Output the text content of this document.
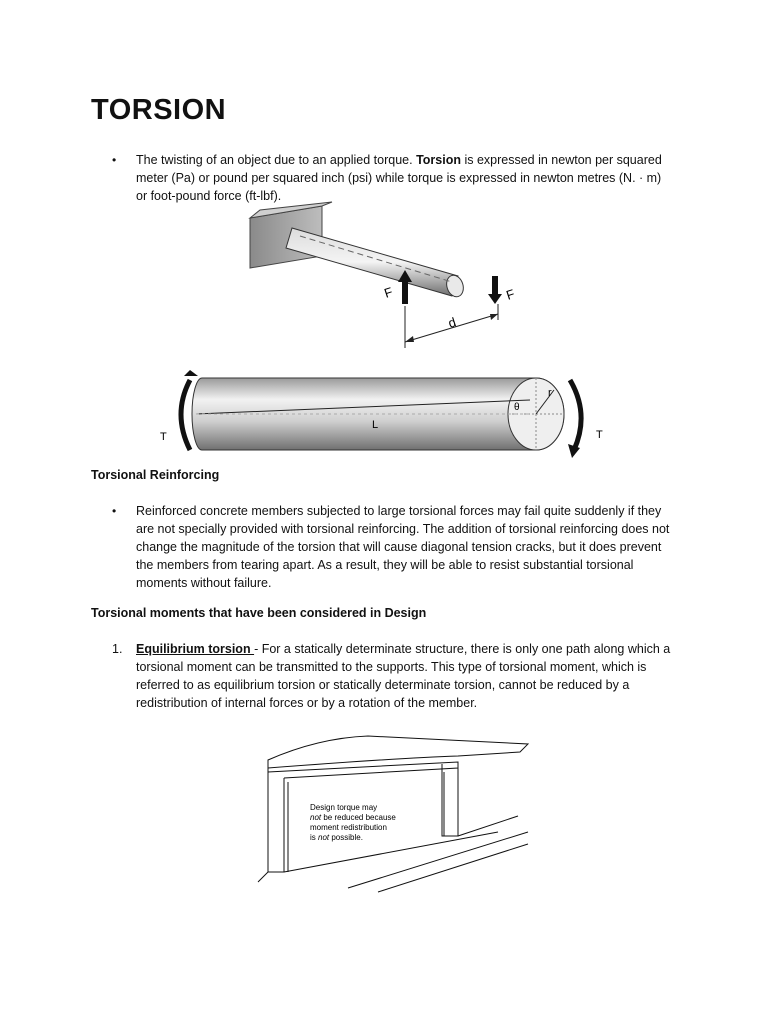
TORSION
• The twisting of an object due to an applied torque. Torsion is expressed in newton per squared meter (Pa) or pound per squared inch (psi) while torque is expressed in newton metres (N. · m) or foot-pound force (ft-lbf).
F	F
d
T
r
θ
L
T
Torsional Reinforcing
• Reinforced concrete members subjected to large torsional forces may fail quite suddenly if they are not specially provided with torsional reinforcing. The addition of torsional reinforcing does not change the magnitude of the torsion that will cause diagonal tension cracks, but it does prevent the members from tearing apart. As a result, they will be able to resist substantial torsional moments without failure.
Torsional moments that have been considered in Design
1. Equilibrium torsion - For a statically determinate structure, there is only one path along which a torsional moment can be transmitted to the supports. This type of torsional moment, which is referred to as equilibrium torsion or statically determinate torsion, cannot be reduced by a redistribution of internal forces or by a rotation of the member.
Design torque may
not be reduced because
moment redistribution
is not possible.
